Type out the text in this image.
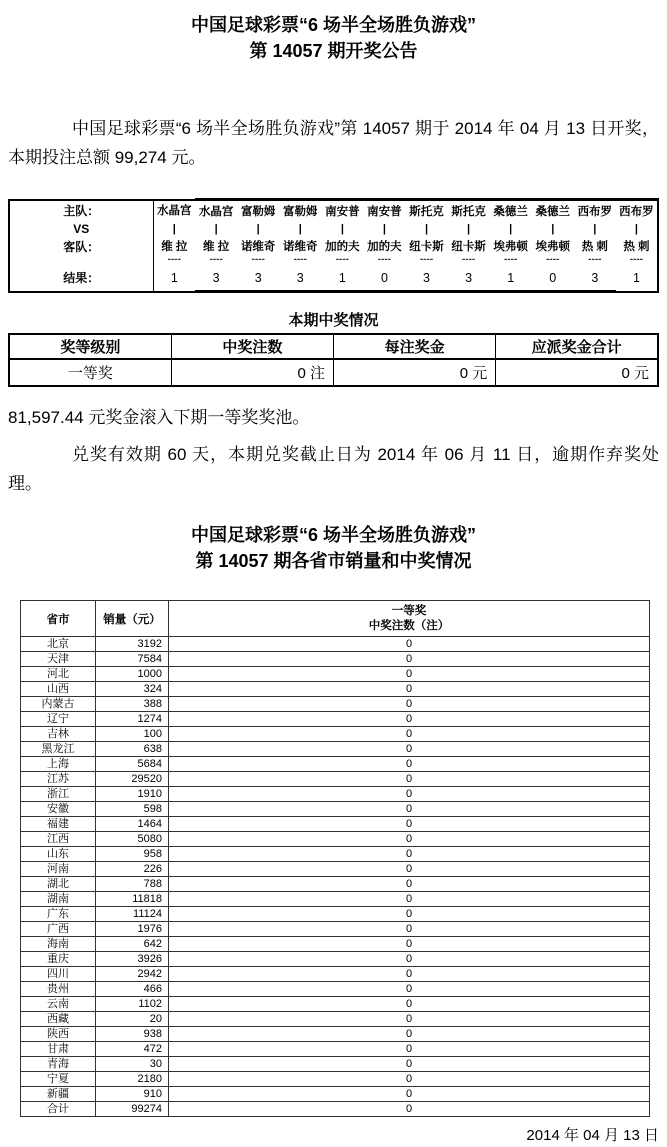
中国足球彩票“6 场半全场胜负游戏”
第 14057 期开奖公告

中国足球彩票“6 场半全场胜负游戏”第 14057 期于 2014 年 04 月 13 日开奖，本期投注总额 99,274 元。

主队：	水晶宫	水晶宫	富勒姆	富勒姆	南安普	南安普	斯托克	斯托克	桑德兰	桑德兰	西布罗	西布罗
VS	|	|	|	|	|	|	|	|	|	|	|	|
客队：	维 拉	维 拉	诺维奇	诺维奇	加的夫	加的夫	纽卡斯	纽卡斯	埃弗顿	埃弗顿	热 刺	热 刺
	----	----	----	----	----	----	----	----	----	----	----	----
结果：	1	3	3	3	1	0	3	3	1	0	3	1
本期中奖情况
奖等级别	中奖注数	每注奖金	应派奖金合计
一等奖	0 注	0 元	0 元

81,597.44 元奖金滚入下期一等奖奖池。

兑奖有效期 60 天，本期兑奖截止日为 2014 年 06 月 11 日，逾期作弃奖处理。

中国足球彩票“6 场半全场胜负游戏”
第 14057 期各省市销量和中奖情况
省市	销量（元）	一等奖
中奖注数（注）

北京	3192	0
天津	7584	0
河北	1000	0
山西	324	0
内蒙古	388	0
辽宁	1274	0
吉林	100	0
黑龙江	638	0
上海	5684	0
江苏	29520	0
浙江	1910	0
安徽	598	0
福建	1464	0
江西	5080	0
山东	958	0
河南	226	0
湖北	788	0
湖南	11818	0
广东	11124	0
广西	1976	0
海南	642	0
重庆	3926	0
四川	2942	0
贵州	466	0
云南	1102	0
西藏	20	0
陕西	938	0
甘肃	472	0
青海	30	0
宁夏	2180	0
新疆	910	0
合计	99274	0
2014 年 04 月 13 日
